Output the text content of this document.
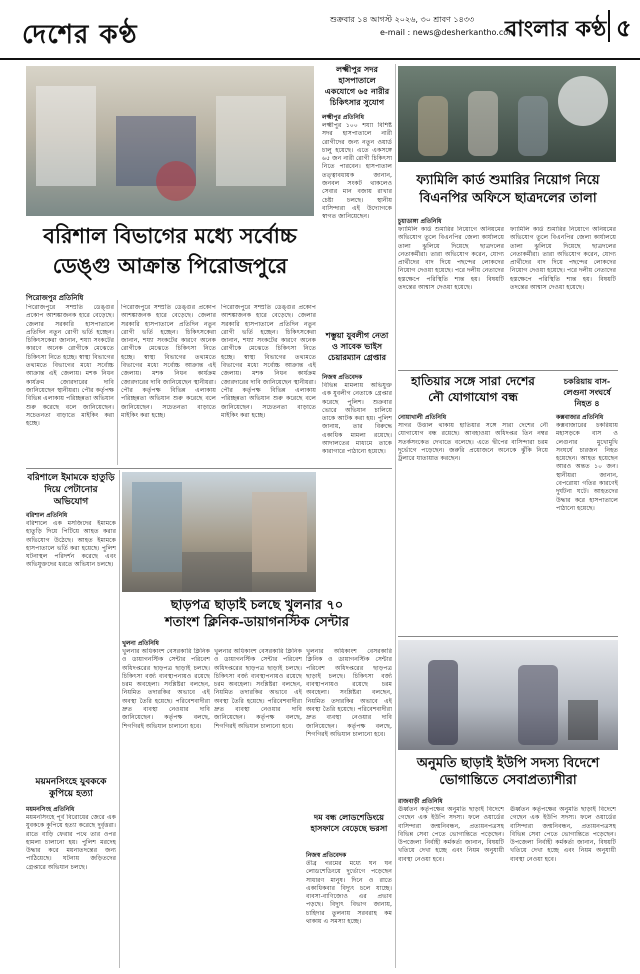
দেশের কণ্ঠ
শুক্রবার ১৪ আগস্ট ২০২৬, ৩০ শ্রাবণ ১৪৩৩
e-mail : news@desherkantho.com
বাংলার কণ্ঠ ৫
বরিশাল বিভাগের মধ্যে সর্বোচ্চ
ডেঙ্গু আক্রান্ত পিরোজপুরে
পিরোজপুর প্রতিনিধি
পিরোজপুরে সম্প্রতি ডেঙ্গুর প্রকোপ আশঙ্কাজনক হারে বেড়েছে। জেলার সরকারি হাসপাতালে প্রতিদিন নতুন রোগী ভর্তি হচ্ছেন। চিকিৎসকেরা জানান, শয্যা সংকটের কারণে অনেক রোগীকে মেঝেতে চিকিৎসা নিতে হচ্ছে। স্বাস্থ্য বিভাগের তথ্যমতে বিভাগের মধ্যে সর্বোচ্চ আক্রান্ত এই জেলায়। মশক নিধন কার্যক্রম জোরদারের দাবি জানিয়েছেন স্থানীয়রা। পৌর কর্তৃপক্ষ বিভিন্ন এলাকায় পরিচ্ছন্নতা অভিযান শুরু করেছে বলে জানিয়েছেন। সচেতনতা বাড়াতে মাইকিং করা হচ্ছে।
পিরোজপুরে সম্প্রতি ডেঙ্গুর প্রকোপ আশঙ্কাজনক হারে বেড়েছে। জেলার সরকারি হাসপাতালে প্রতিদিন নতুন রোগী ভর্তি হচ্ছেন। চিকিৎসকেরা জানান, শয্যা সংকটের কারণে অনেক রোগীকে মেঝেতে চিকিৎসা নিতে হচ্ছে। স্বাস্থ্য বিভাগের তথ্যমতে বিভাগের মধ্যে সর্বোচ্চ আক্রান্ত এই জেলায়। মশক নিধন কার্যক্রম জোরদারের দাবি জানিয়েছেন স্থানীয়রা। পৌর কর্তৃপক্ষ বিভিন্ন এলাকায় পরিচ্ছন্নতা অভিযান শুরু করেছে বলে জানিয়েছেন। সচেতনতা বাড়াতে মাইকিং করা হচ্ছে।
পিরোজপুরে সম্প্রতি ডেঙ্গুর প্রকোপ আশঙ্কাজনক হারে বেড়েছে। জেলার সরকারি হাসপাতালে প্রতিদিন নতুন রোগী ভর্তি হচ্ছেন। চিকিৎসকেরা জানান, শয্যা সংকটের কারণে অনেক রোগীকে মেঝেতে চিকিৎসা নিতে হচ্ছে। স্বাস্থ্য বিভাগের তথ্যমতে বিভাগের মধ্যে সর্বোচ্চ আক্রান্ত এই জেলায়। মশক নিধন কার্যক্রম জোরদারের দাবি জানিয়েছেন স্থানীয়রা। পৌর কর্তৃপক্ষ বিভিন্ন এলাকায় পরিচ্ছন্নতা অভিযান শুরু করেছে বলে জানিয়েছেন। সচেতনতা বাড়াতে মাইকিং করা হচ্ছে।
লক্ষ্মীপুর সদর হাসপাতালে একযোগে ৬৫ নারীর চিকিৎসার সুযোগ
লক্ষ্মীপুর প্রতিনিধি
লক্ষ্মীপুর ১০০ শয্যা বিশিষ্ট সদর হাসপাতালে নারী রোগীদের জন্য নতুন ওয়ার্ড চালু হয়েছে। এতে একসঙ্গে ৬৫ জন নারী রোগী চিকিৎসা নিতে পারবেন। হাসপাতাল তত্ত্বাবধায়ক জানান, জনবল সংকট থাকলেও সেবার মান বজায় রাখার চেষ্টা চলছে। স্থানীয় বাসিন্দারা এই উদ্যোগকে স্বাগত জানিয়েছেন।
শম্ভুয়া যুবলীগ নেতা ও সাবেক ভাইস চেয়ারম্যান গ্রেপ্তার
নিজস্ব প্রতিবেদক
বিভিন্ন মামলায় অভিযুক্ত এক যুবলীগ নেতাকে গ্রেপ্তার করেছে পুলিশ। শুক্রবার ভোরে অভিযান চালিয়ে তাকে আটক করা হয়। পুলিশ জানায়, তার বিরুদ্ধে একাধিক মামলা রয়েছে। আদালতের মাধ্যমে তাকে কারাগারে পাঠানো হয়েছে।
ফ্যামিলি কার্ড শুমারির নিয়োগ নিয়ে
বিএনপির অফিসে ছাত্রদলের তালা
চুয়াডাঙ্গা প্রতিনিধি
ফ্যামিলি কার্ড শুমারির নিয়োগে অনিয়মের অভিযোগ তুলে বিএনপির জেলা কার্যালয়ে তালা ঝুলিয়ে দিয়েছে ছাত্রদলের নেতাকর্মীরা। তারা অভিযোগ করেন, যোগ্য প্রার্থীদের বাদ দিয়ে পছন্দের লোকদের নিয়োগ দেওয়া হয়েছে। পরে দলীয় নেতাদের হস্তক্ষেপে পরিস্থিতি শান্ত হয়। বিষয়টি তদন্তের আশ্বাস দেওয়া হয়েছে।
ফ্যামিলি কার্ড শুমারির নিয়োগে অনিয়মের অভিযোগ তুলে বিএনপির জেলা কার্যালয়ে তালা ঝুলিয়ে দিয়েছে ছাত্রদলের নেতাকর্মীরা। তারা অভিযোগ করেন, যোগ্য প্রার্থীদের বাদ দিয়ে পছন্দের লোকদের নিয়োগ দেওয়া হয়েছে। পরে দলীয় নেতাদের হস্তক্ষেপে পরিস্থিতি শান্ত হয়। বিষয়টি তদন্তের আশ্বাস দেওয়া হয়েছে।
হাতিয়ার সঙ্গে সারা দেশের
নৌ যোগাযোগ বন্ধ
নোয়াখালী প্রতিনিধি
সাগর উত্তাল থাকায় হাতিয়ার সঙ্গে সারা দেশের নৌ যোগাযোগ বন্ধ রয়েছে। আবহাওয়া অধিদপ্তর তিন নম্বর সতর্কসংকেত দেখাতে বলেছে। এতে দ্বীপের বাসিন্দারা চরম দুর্ভোগে পড়েছেন। জরুরি প্রয়োজনে অনেকে ঝুঁকি নিয়ে ট্রলারে যাতায়াত করছেন।
চকরিয়ায় বাস-লেগুনা সংঘর্ষে নিহত ৪
কক্সবাজার প্রতিনিধি
কক্সবাজারের চকরিয়ায় মহাসড়কে বাস ও লেগুনার মুখোমুখি সংঘর্ষে চারজন নিহত হয়েছেন। আহত হয়েছেন আরও অন্তত ১০ জন। স্থানীয়রা জানান, বেপরোয়া গতির কারণেই দুর্ঘটনা ঘটে। আহতদের উদ্ধার করে হাসপাতালে পাঠানো হয়েছে।
বরিশালে ইমামকে হাতুড়ি দিয়ে পেটানোর অভিযোগ
বরিশাল প্রতিনিধি
বরিশালে এক মসজিদের ইমামকে হাতুড়ি দিয়ে পিটিয়ে আহত করার অভিযোগ উঠেছে। আহত ইমামকে হাসপাতালে ভর্তি করা হয়েছে। পুলিশ ঘটনাস্থল পরিদর্শন করেছে এবং অভিযুক্তদের ধরতে অভিযান চলছে।
ছাড়পত্র ছাড়াই চলছে খুলনার ৭০
শতাংশ ক্লিনিক-ডায়াগনস্টিক সেন্টার
খুলনা প্রতিনিধি
খুলনার অধিকাংশ বেসরকারি ক্লিনিক ও ডায়াগনস্টিক সেন্টার পরিবেশ অধিদপ্তরের ছাড়পত্র ছাড়াই চলছে। চিকিৎসা বর্জ্য ব্যবস্থাপনায়ও রয়েছে চরম অবহেলা। সংশ্লিষ্টরা বলছেন, নিয়মিত তদারকির অভাবে এই অবস্থা তৈরি হয়েছে। পরিবেশবাদীরা দ্রুত ব্যবস্থা নেওয়ার দাবি জানিয়েছেন। কর্তৃপক্ষ বলছে, শিগগিরই অভিযান চালানো হবে।
খুলনার অধিকাংশ বেসরকারি ক্লিনিক ও ডায়াগনস্টিক সেন্টার পরিবেশ অধিদপ্তরের ছাড়পত্র ছাড়াই চলছে। চিকিৎসা বর্জ্য ব্যবস্থাপনায়ও রয়েছে চরম অবহেলা। সংশ্লিষ্টরা বলছেন, নিয়মিত তদারকির অভাবে এই অবস্থা তৈরি হয়েছে। পরিবেশবাদীরা দ্রুত ব্যবস্থা নেওয়ার দাবি জানিয়েছেন। কর্তৃপক্ষ বলছে, শিগগিরই অভিযান চালানো হবে।
খুলনার অধিকাংশ বেসরকারি ক্লিনিক ও ডায়াগনস্টিক সেন্টার পরিবেশ অধিদপ্তরের ছাড়পত্র ছাড়াই চলছে। চিকিৎসা বর্জ্য ব্যবস্থাপনায়ও রয়েছে চরম অবহেলা। সংশ্লিষ্টরা বলছেন, নিয়মিত তদারকির অভাবে এই অবস্থা তৈরি হয়েছে। পরিবেশবাদীরা দ্রুত ব্যবস্থা নেওয়ার দাবি জানিয়েছেন। কর্তৃপক্ষ বলছে, শিগগিরই অভিযান চালানো হবে।
ময়মনসিংহে যুবককে কুপিয়ে হত্যা
ময়মনসিংহ প্রতিনিধি
ময়মনসিংহে পূর্ব বিরোধের জেরে এক যুবককে কুপিয়ে হত্যা করেছে দুর্বৃত্তরা। রাতে বাড়ি ফেরার পথে তার ওপর হামলা চালানো হয়। পুলিশ মরদেহ উদ্ধার করে ময়নাতদন্তের জন্য পাঠিয়েছে। ঘটনায় জড়িতদের গ্রেপ্তারে অভিযান চলছে।
দম বন্ধ লোডশেডিংয়ে হাসফাসে বেড়েছে ভরসা
নিজস্ব প্রতিবেদক
তীব্র গরমের মধ্যে ঘন ঘন লোডশেডিংয়ে দুর্ভোগে পড়েছেন সাধারণ মানুষ। দিনে ও রাতে একাধিকবার বিদ্যুৎ চলে যাচ্ছে। ব্যবসা-বাণিজ্যেও এর প্রভাব পড়ছে। বিদ্যুৎ বিভাগ জানায়, চাহিদার তুলনায় সরবরাহ কম থাকায় এ সমস্যা হচ্ছে।
অনুমতি ছাড়াই ইউপি সদস্য বিদেশে
ভোগান্তিতে সেবাপ্রত্যাশীরা
রাজবাড়ী প্রতিনিধি
ঊর্ধ্বতন কর্তৃপক্ষের অনুমতি ছাড়াই বিদেশে গেছেন এক ইউপি সদস্য। ফলে ওয়ার্ডের বাসিন্দারা জন্মনিবন্ধন, প্রত্যয়নপত্রসহ বিভিন্ন সেবা পেতে ভোগান্তিতে পড়েছেন। উপজেলা নির্বাহী কর্মকর্তা জানান, বিষয়টি খতিয়ে দেখা হচ্ছে এবং নিয়ম অনুযায়ী ব্যবস্থা নেওয়া হবে।
ঊর্ধ্বতন কর্তৃপক্ষের অনুমতি ছাড়াই বিদেশে গেছেন এক ইউপি সদস্য। ফলে ওয়ার্ডের বাসিন্দারা জন্মনিবন্ধন, প্রত্যয়নপত্রসহ বিভিন্ন সেবা পেতে ভোগান্তিতে পড়েছেন। উপজেলা নির্বাহী কর্মকর্তা জানান, বিষয়টি খতিয়ে দেখা হচ্ছে এবং নিয়ম অনুযায়ী ব্যবস্থা নেওয়া হবে।
